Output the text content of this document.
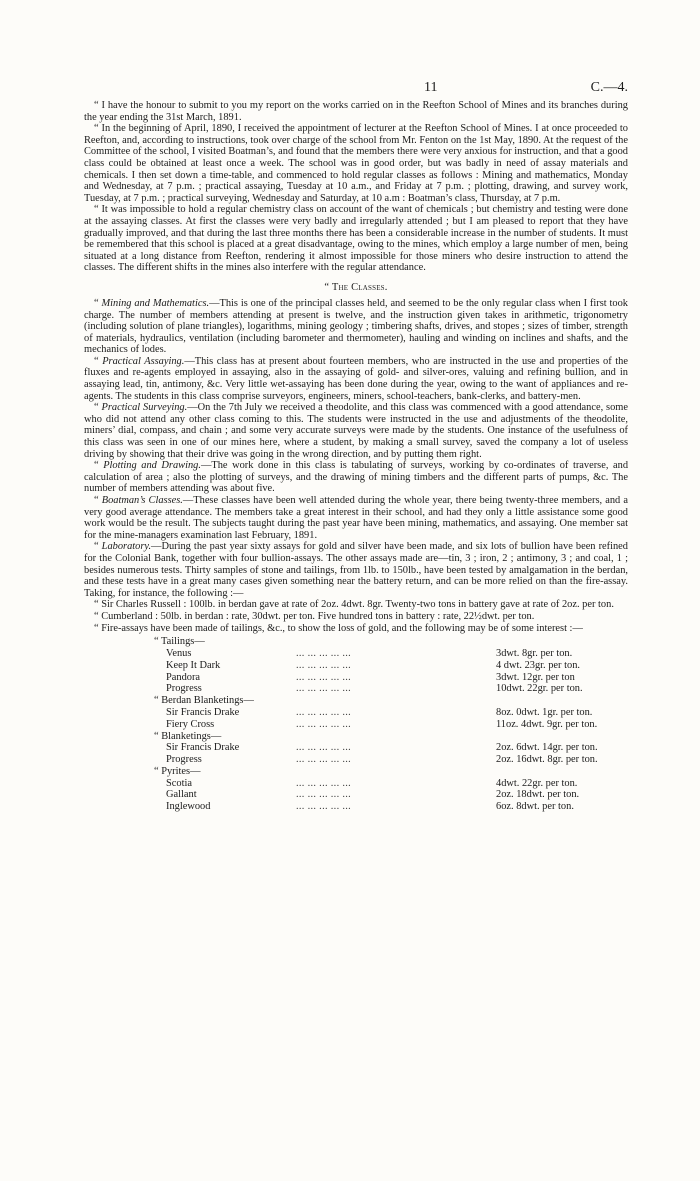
11	C.—4.

“ I have the honour to submit to you my report on the works carried on in the Reefton School of Mines and its branches during the year ending the 31st March, 1891.

“ In the beginning of April, 1890, I received the appointment of lecturer at the Reefton School of Mines. I at once proceeded to Reefton, and, according to instructions, took over charge of the school from Mr. Fenton on the 1st May, 1890. At the request of the Committee of the school, I visited Boatman’s, and found that the members there were very anxious for instruction, and that a good class could be obtained at least once a week. The school was in good order, but was badly in need of assay materials and chemicals. I then set down a time-table, and commenced to hold regular classes as follows : Mining and mathematics, Monday and Wednesday, at 7 p.m. ; practical assaying, Tuesday at 10 a.m., and Friday at 7 p.m. ; plotting, drawing, and survey work, Tuesday, at 7 p.m. ; practical surveying, Wednesday and Saturday, at 10 a.m : Boatman’s class, Thursday, at 7 p.m.

“ It was impossible to hold a regular chemistry class on account of the want of chemicals ; but chemistry and testing were done at the assaying classes. At first the classes were very badly and irregularly attended ; but I am pleased to report that they have gradually improved, and that during the last three months there has been a considerable increase in the number of students. It must be remembered that this school is placed at a great disadvantage, owing to the mines, which employ a large number of men, being situated at a long distance from Reefton, rendering it almost impossible for those miners who desire instruction to attend the classes. The different shifts in the mines also interfere with the regular attendance.

“ The Classes.

“ Mining and Mathematics.—This is one of the principal classes held, and seemed to be the only regular class when I first took charge. The number of members attending at present is twelve, and the instruction given takes in arithmetic, trigonometry (including solution of plane triangles), logarithms, mining geology ; timbering shafts, drives, and stopes ; sizes of timber, strength of materials, hydraulics, ventilation (including barometer and thermometer), hauling and winding on inclines and shafts, and the mechanics of lodes.

“ Practical Assaying.—This class has at present about fourteen members, who are instructed in the use and properties of the fluxes and re-agents employed in assaying, also in the assaying of gold- and silver-ores, valuing and refining bullion, and in assaying lead, tin, antimony, &c. Very little wet-assaying has been done during the year, owing to the want of appliances and re-agents. The students in this class comprise surveyors, engineers, miners, school-teachers, bank-clerks, and battery-men.

“ Practical Surveying.—On the 7th July we received a theodolite, and this class was commenced with a good attendance, some who did not attend any other class coming to this. The students were instructed in the use and adjustments of the theodolite, miners’ dial, compass, and chain ; and some very accurate surveys were made by the students. One instance of the usefulness of this class was seen in one of our mines here, where a student, by making a small survey, saved the company a lot of useless driving by showing that their drive was going in the wrong direction, and by putting them right.

“ Plotting and Drawing.—The work done in this class is tabulating of surveys, working by co-ordinates of traverse, and calculation of area ; also the plotting of surveys, and the drawing of mining timbers and the different parts of pumps, &c. The number of members attending was about five.

“ Boatman’s Classes.—These classes have been well attended during the whole year, there being twenty-three members, and a very good average attendance. The members take a great interest in their school, and had they only a little assistance some good work would be the result. The subjects taught during the past year have been mining, mathematics, and assaying. One member sat for the mine-managers examination last February, 1891.

“ Laboratory.—During the past year sixty assays for gold and silver have been made, and six lots of bullion have been refined for the Colonial Bank, together with four bullion-assays. The other assays made are—tin, 3 ; iron, 2 ; antimony, 3 ; and coal, 1 ; besides numerous tests. Thirty samples of stone and tailings, from 1lb. to 150lb., have been tested by amalgamation in the berdan, and these tests have in a great many cases given something near the battery return, and can be more relied on than the fire-assay. Taking, for instance, the following :—

“ Sir Charles Russell : 100lb. in berdan gave at rate of 2oz. 4dwt. 8gr. Twenty-two tons in battery gave at rate of 2oz. per ton.

“ Cumberland : 50lb. in berdan : rate, 30dwt. per ton. Five hundred tons in battery : rate, 22½dwt. per ton.

“ Fire-assays have been made of tailings, &c., to show the loss of gold, and the following may be of some interest :—

“ Tailings—
Venus	... ... ... ... ...	3dwt. 8gr. per ton.
Keep It Dark	... ... ... ... ...	4 dwt. 23gr. per ton.
Pandora	... ... ... ... ...	3dwt. 12gr. per ton
Progress	... ... ... ... ...	10dwt. 22gr. per ton.
“ Berdan Blanketings—
Sir Francis Drake	... ... ... ... ...	8oz. 0dwt. 1gr. per ton.
Fiery Cross	... ... ... ... ...	11oz. 4dwt. 9gr. per ton.
“ Blanketings—
Sir Francis Drake	... ... ... ... ...	2oz. 6dwt. 14gr. per ton.
Progress	... ... ... ... ...	2oz. 16dwt. 8gr. per ton.
“ Pyrites—
Scotia	... ... ... ... ...	4dwt. 22gr. per ton.
Gallant	... ... ... ... ...	2oz. 18dwt. per ton.
Inglewood	... ... ... ... ...	6oz. 8dwt. per ton.
